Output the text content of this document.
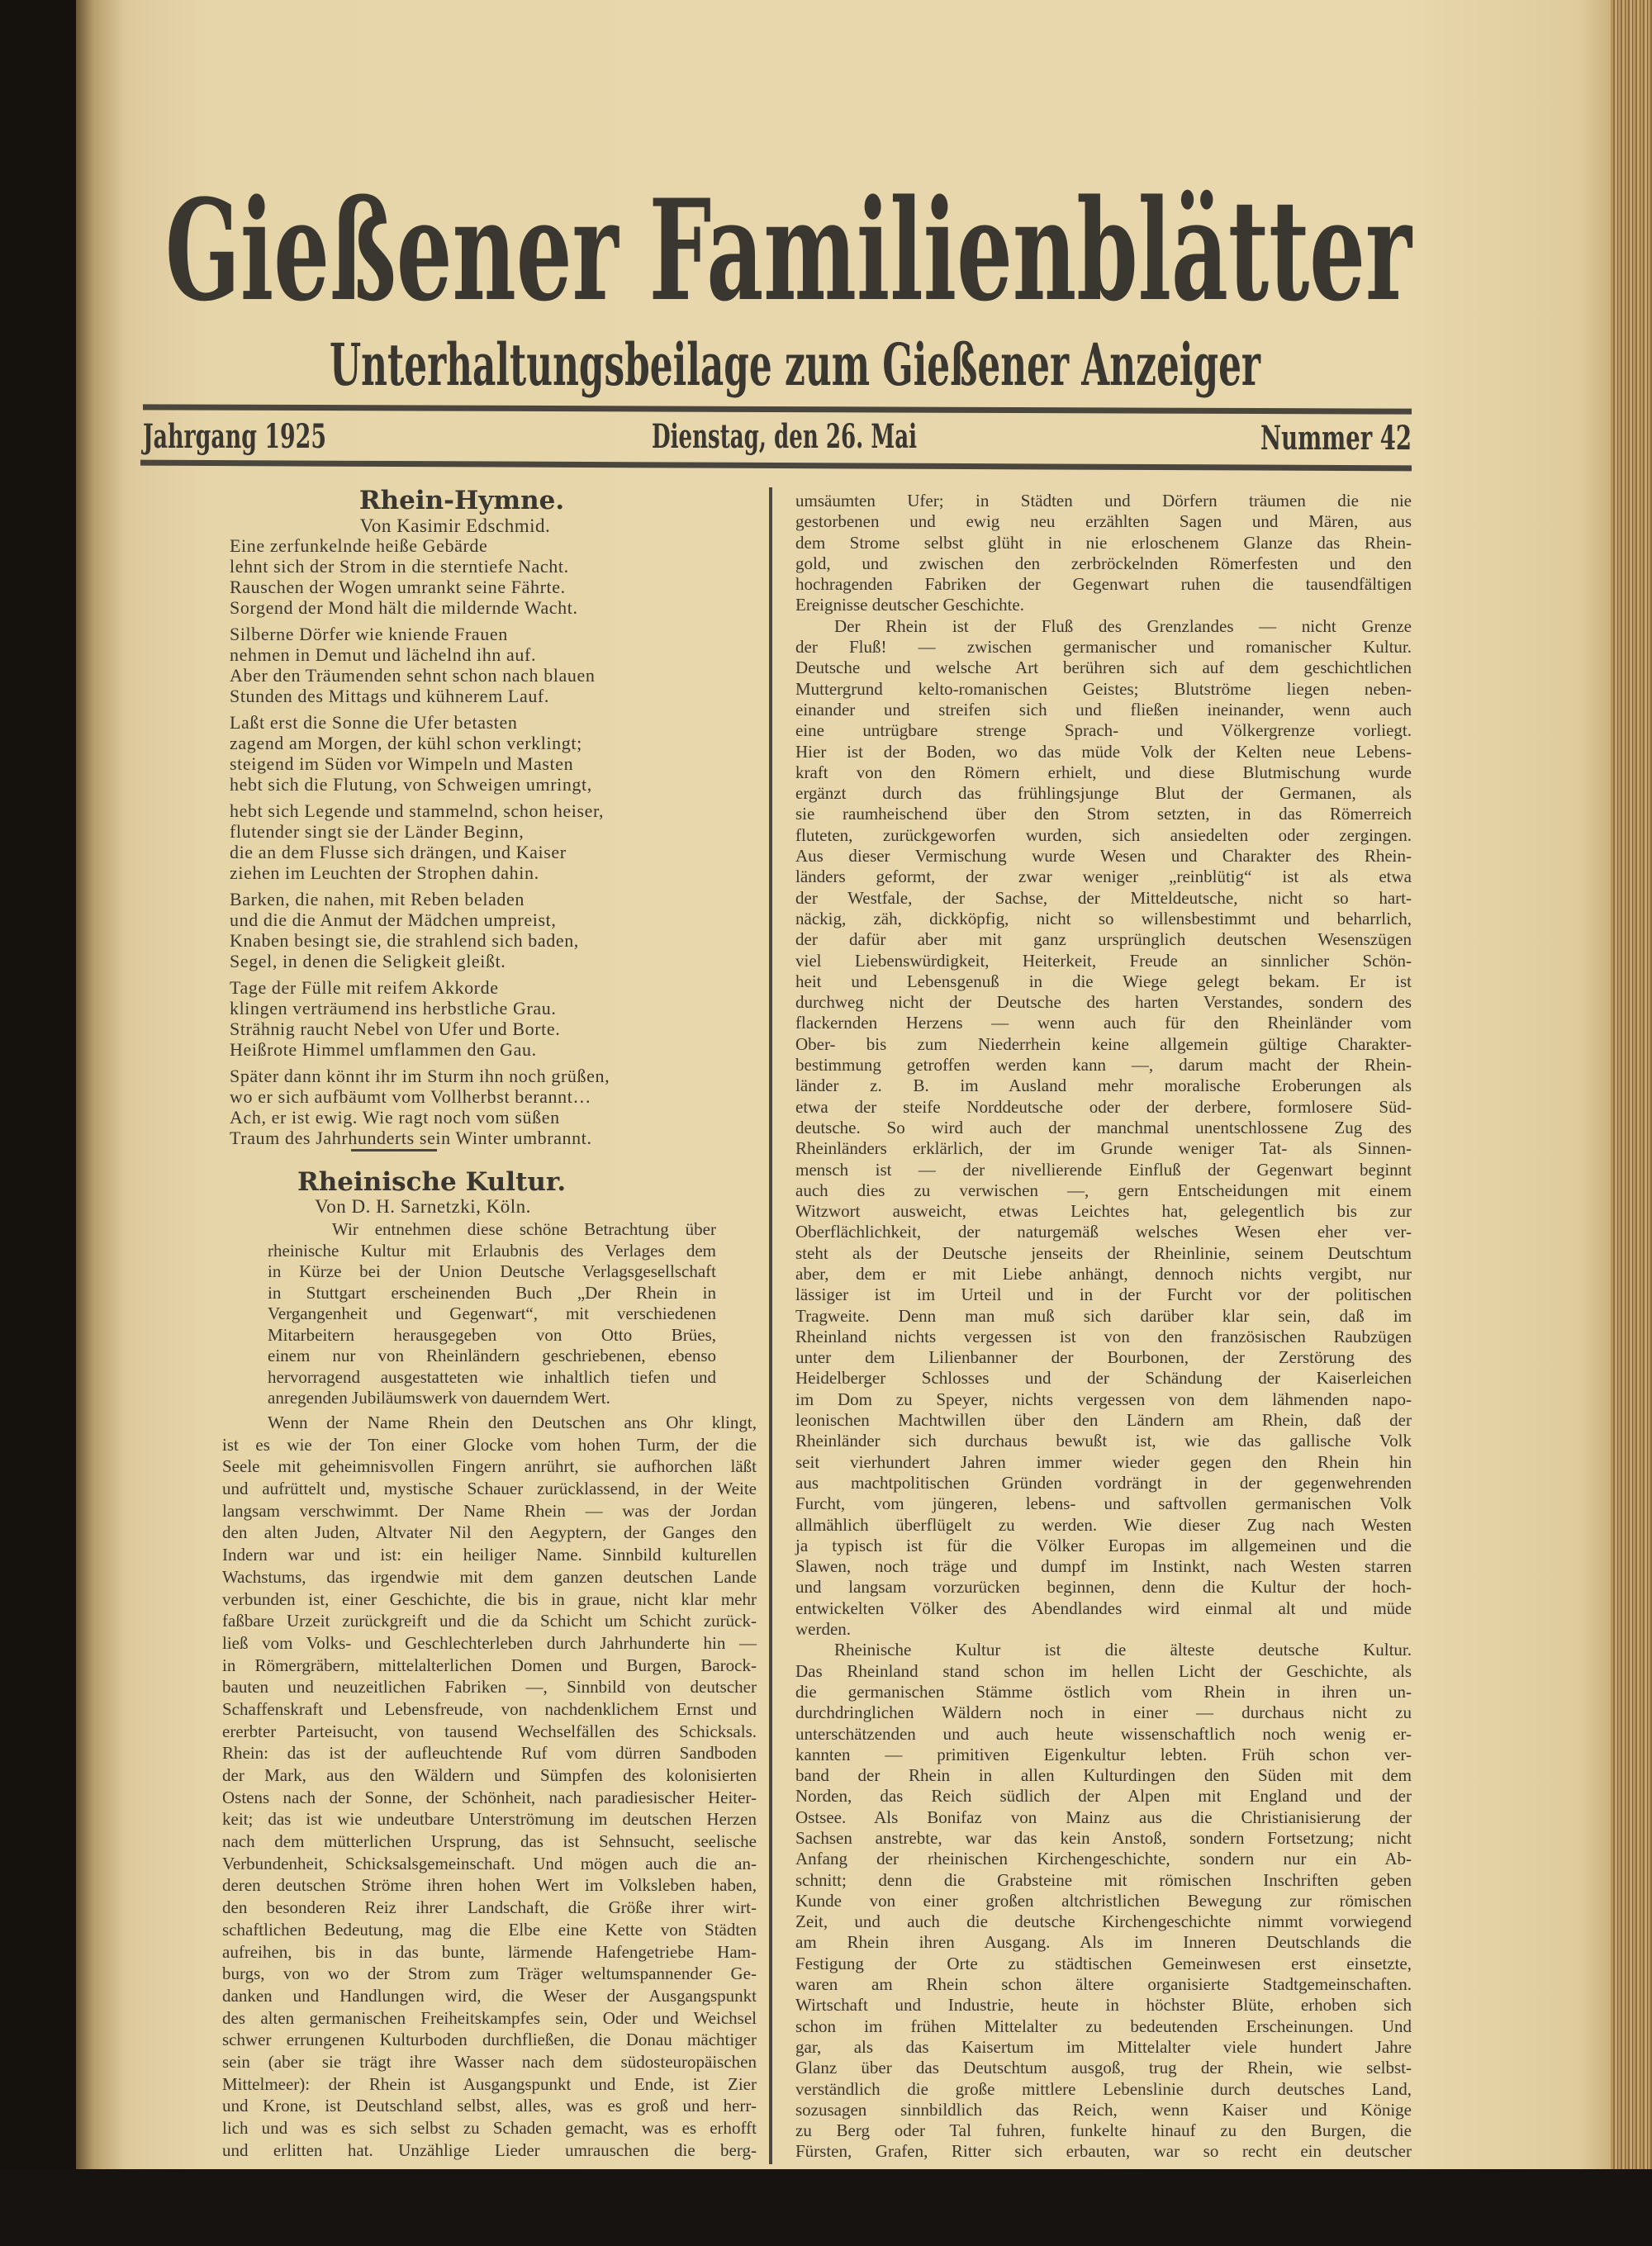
Gießener Familienblätter
Unterhaltungsbeilage zum Gießener Anzeiger
Jahrgang 1925	Dienstag, den 26. Mai	Nummer 42
Rhein-Hymne.
Von Kasimir Edschmid.
Eine zerfunkelnde heiße Gebärde
lehnt sich der Strom in die sterntiefe Nacht.
Rauschen der Wogen umrankt seine Fährte.
Sorgend der Mond hält die mildernde Wacht.
Silberne Dörfer wie kniende Frauen
nehmen in Demut und lächelnd ihn auf.
Aber den Träumenden sehnt schon nach blauen
Stunden des Mittags und kühnerem Lauf.
Laßt erst die Sonne die Ufer betasten
zagend am Morgen, der kühl schon verklingt;
steigend im Süden vor Wimpeln und Masten
hebt sich die Flutung, von Schweigen umringt,
hebt sich Legende und stammelnd, schon heiser,
flutender singt sie der Länder Beginn,
die an dem Flusse sich drängen, und Kaiser
ziehen im Leuchten der Strophen dahin.
Barken, die nahen, mit Reben beladen
und die die Anmut der Mädchen umpreist,
Knaben besingt sie, die strahlend sich baden,
Segel, in denen die Seligkeit gleißt.
Tage der Fülle mit reifem Akkorde
klingen verträumend ins herbstliche Grau.
Strähnig raucht Nebel von Ufer und Borte.
Heißrote Himmel umflammen den Gau.
Später dann könnt ihr im Sturm ihn noch grüßen,
wo er sich aufbäumt vom Vollherbst berannt…
Ach, er ist ewig. Wie ragt noch vom süßen
Traum des Jahrhunderts sein Winter umbrannt.
Rheinische Kultur.
Von D. H. Sarnetzki, Köln.
Wir entnehmen diese schöne Betrachtung über
rheinische Kultur mit Erlaubnis des Verlages dem
in Kürze bei der Union Deutsche Verlagsgesellschaft
in Stuttgart erscheinenden Buch „Der Rhein in
Vergangenheit und Gegenwart“, mit verschiedenen
Mitarbeitern herausgegeben von Otto Brües,
einem nur von Rheinländern geschriebenen, ebenso
hervorragend ausgestatteten wie inhaltlich tiefen und
anregenden Jubiläumswerk von dauerndem Wert.
Wenn der Name Rhein den Deutschen ans Ohr klingt,
ist es wie der Ton einer Glocke vom hohen Turm, der die
Seele mit geheimnisvollen Fingern anrührt, sie aufhorchen läßt
und aufrüttelt und, mystische Schauer zurücklassend, in der Weite
langsam verschwimmt. Der Name Rhein — was der Jordan
den alten Juden, Altvater Nil den Aegyptern, der Ganges den
Indern war und ist: ein heiliger Name. Sinnbild kulturellen
Wachstums, das irgendwie mit dem ganzen deutschen Lande
verbunden ist, einer Geschichte, die bis in graue, nicht klar mehr
faßbare Urzeit zurückgreift und die da Schicht um Schicht zurück-
ließ vom Volks- und Geschlechterleben durch Jahrhunderte hin —
in Römergräbern, mittelalterlichen Domen und Burgen, Barock-
bauten und neuzeitlichen Fabriken —, Sinnbild von deutscher
Schaffenskraft und Lebensfreude, von nachdenklichem Ernst und
ererbter Parteisucht, von tausend Wechselfällen des Schicksals.
Rhein: das ist der aufleuchtende Ruf vom dürren Sandboden
der Mark, aus den Wäldern und Sümpfen des kolonisierten
Ostens nach der Sonne, der Schönheit, nach paradiesischer Heiter-
keit; das ist wie undeutbare Unterströmung im deutschen Herzen
nach dem mütterlichen Ursprung, das ist Sehnsucht, seelische
Verbundenheit, Schicksalsgemeinschaft. Und mögen auch die an-
deren deutschen Ströme ihren hohen Wert im Volksleben haben,
den besonderen Reiz ihrer Landschaft, die Größe ihrer wirt-
schaftlichen Bedeutung, mag die Elbe eine Kette von Städten
aufreihen, bis in das bunte, lärmende Hafengetriebe Ham-
burgs, von wo der Strom zum Träger weltumspannender Ge-
danken und Handlungen wird, die Weser der Ausgangspunkt
des alten germanischen Freiheitskampfes sein, Oder und Weichsel
schwer errungenen Kulturboden durchfließen, die Donau mächtiger
sein (aber sie trägt ihre Wasser nach dem südosteuropäischen
Mittelmeer): der Rhein ist Ausgangspunkt und Ende, ist Zier
und Krone, ist Deutschland selbst, alles, was es groß und herr-
lich und was es sich selbst zu Schaden gemacht, was es erhofft
und erlitten hat. Unzählige Lieder umrauschen die berg-
umsäumten Ufer; in Städten und Dörfern träumen die nie
gestorbenen und ewig neu erzählten Sagen und Mären, aus
dem Strome selbst glüht in nie erloschenem Glanze das Rhein-
gold, und zwischen den zerbröckelnden Römerfesten und den
hochragenden Fabriken der Gegenwart ruhen die tausendfältigen
Ereignisse deutscher Geschichte.
Der Rhein ist der Fluß des Grenzlandes — nicht Grenze
der Fluß! — zwischen germanischer und romanischer Kultur.
Deutsche und welsche Art berühren sich auf dem geschichtlichen
Muttergrund kelto-romanischen Geistes; Blutströme liegen neben-
einander und streifen sich und fließen ineinander, wenn auch
eine untrügbare strenge Sprach- und Völkergrenze vorliegt.
Hier ist der Boden, wo das müde Volk der Kelten neue Lebens-
kraft von den Römern erhielt, und diese Blutmischung wurde
ergänzt durch das frühlingsjunge Blut der Germanen, als
sie raumheischend über den Strom setzten, in das Römerreich
fluteten, zurückgeworfen wurden, sich ansiedelten oder zergingen.
Aus dieser Vermischung wurde Wesen und Charakter des Rhein-
länders geformt, der zwar weniger „reinblütig“ ist als etwa
der Westfale, der Sachse, der Mitteldeutsche, nicht so hart-
näckig, zäh, dickköpfig, nicht so willensbestimmt und beharrlich,
der dafür aber mit ganz ursprünglich deutschen Wesenszügen
viel Liebenswürdigkeit, Heiterkeit, Freude an sinnlicher Schön-
heit und Lebensgenuß in die Wiege gelegt bekam. Er ist
durchweg nicht der Deutsche des harten Verstandes, sondern des
flackernden Herzens — wenn auch für den Rheinländer vom
Ober- bis zum Niederrhein keine allgemein gültige Charakter-
bestimmung getroffen werden kann —, darum macht der Rhein-
länder z. B. im Ausland mehr moralische Eroberungen als
etwa der steife Norddeutsche oder der derbere, formlosere Süd-
deutsche. So wird auch der manchmal unentschlossene Zug des
Rheinländers erklärlich, der im Grunde weniger Tat- als Sinnen-
mensch ist — der nivellierende Einfluß der Gegenwart beginnt
auch dies zu verwischen —, gern Entscheidungen mit einem
Witzwort ausweicht, etwas Leichtes hat, gelegentlich bis zur
Oberflächlichkeit, der naturgemäß welsches Wesen eher ver-
steht als der Deutsche jenseits der Rheinlinie, seinem Deutschtum
aber, dem er mit Liebe anhängt, dennoch nichts vergibt, nur
lässiger ist im Urteil und in der Furcht vor der politischen
Tragweite. Denn man muß sich darüber klar sein, daß im
Rheinland nichts vergessen ist von den französischen Raubzügen
unter dem Lilienbanner der Bourbonen, der Zerstörung des
Heidelberger Schlosses und der Schändung der Kaiserleichen
im Dom zu Speyer, nichts vergessen von dem lähmenden napo-
leonischen Machtwillen über den Ländern am Rhein, daß der
Rheinländer sich durchaus bewußt ist, wie das gallische Volk
seit vierhundert Jahren immer wieder gegen den Rhein hin
aus machtpolitischen Gründen vordrängt in der gegenwehrenden
Furcht, vom jüngeren, lebens- und saftvollen germanischen Volk
allmählich überflügelt zu werden. Wie dieser Zug nach Westen
ja typisch ist für die Völker Europas im allgemeinen und die
Slawen, noch träge und dumpf im Instinkt, nach Westen starren
und langsam vorzurücken beginnen, denn die Kultur der hoch-
entwickelten Völker des Abendlandes wird einmal alt und müde
werden.
Rheinische Kultur ist die älteste deutsche Kultur.
Das Rheinland stand schon im hellen Licht der Geschichte, als
die germanischen Stämme östlich vom Rhein in ihren un-
durchdringlichen Wäldern noch in einer — durchaus nicht zu
unterschätzenden und auch heute wissenschaftlich noch wenig er-
kannten — primitiven Eigenkultur lebten. Früh schon ver-
band der Rhein in allen Kulturdingen den Süden mit dem
Norden, das Reich südlich der Alpen mit England und der
Ostsee. Als Bonifaz von Mainz aus die Christianisierung der
Sachsen anstrebte, war das kein Anstoß, sondern Fortsetzung; nicht
Anfang der rheinischen Kirchengeschichte, sondern nur ein Ab-
schnitt; denn die Grabsteine mit römischen Inschriften geben
Kunde von einer großen altchristlichen Bewegung zur römischen
Zeit, und auch die deutsche Kirchengeschichte nimmt vorwiegend
am Rhein ihren Ausgang. Als im Inneren Deutschlands die
Festigung der Orte zu städtischen Gemeinwesen erst einsetzte,
waren am Rhein schon ältere organisierte Stadtgemeinschaften.
Wirtschaft und Industrie, heute in höchster Blüte, erhoben sich
schon im frühen Mittelalter zu bedeutenden Erscheinungen. Und
gar, als das Kaisertum im Mittelalter viele hundert Jahre
Glanz über das Deutschtum ausgoß, trug der Rhein, wie selbst-
verständlich die große mittlere Lebenslinie durch deutsches Land,
sozusagen sinnbildlich das Reich, wenn Kaiser und Könige
zu Berg oder Tal fuhren, funkelte hinauf zu den Burgen, die
Fürsten, Grafen, Ritter sich erbauten, war so recht ein deutscher
